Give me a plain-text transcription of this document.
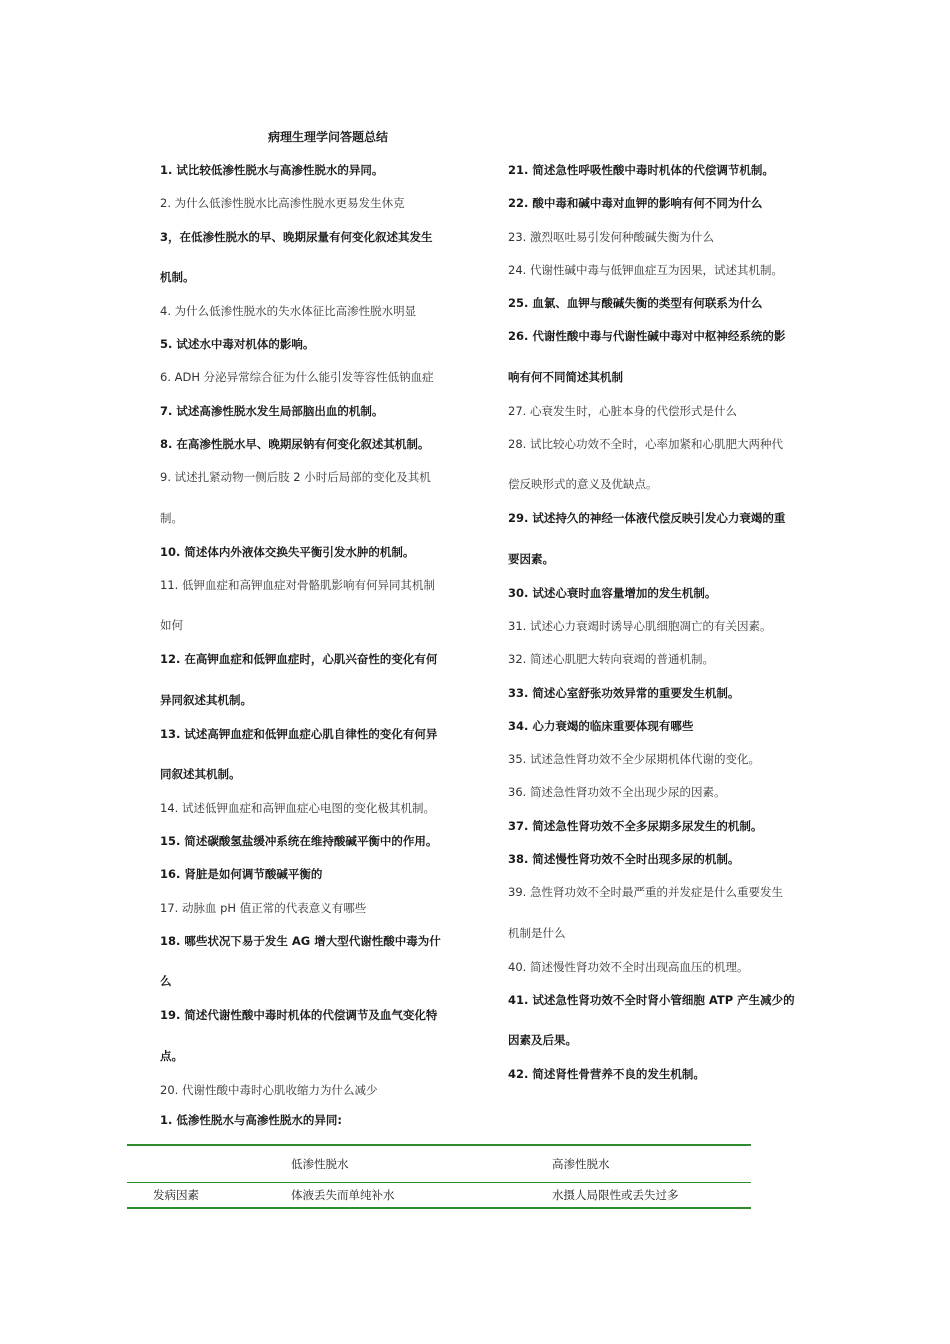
病理生理学问答题总结
1. 试比较低渗性脱水与高渗性脱水的异同。
2. 为什么低渗性脱水比高渗性脱水更易发生休克
3，在低渗性脱水的早、晚期尿量有何变化叙述其发生
机制。
4. 为什么低渗性脱水的失水体征比高渗性脱水明显
5. 试述水中毒对机体的影响。
6. ADH 分泌异常综合征为什么能引发等容性低钠血症
7. 试述高渗性脱水发生局部脑出血的机制。
8. 在高渗性脱水早、晚期尿钠有何变化叙述其机制。
9. 试述扎紧动物一侧后肢 2 小时后局部的变化及其机
制。
10. 简述体内外液体交换失平衡引发水肿的机制。
11. 低钾血症和高钾血症对骨骼肌影响有何异同其机制
如何
12. 在高钾血症和低钾血症时，心肌兴奋性的变化有何
异同叙述其机制。
13. 试述高钾血症和低钾血症心肌自律性的变化有何异
同叙述其机制。
14. 试述低钾血症和高钾血症心电图的变化极其机制。
15. 简述碳酸氢盐缓冲系统在维持酸碱平衡中的作用。
16. 肾脏是如何调节酸碱平衡的
17. 动脉血 pH 值正常的代表意义有哪些
18. 哪些状况下易于发生 AG 增大型代谢性酸中毒为什
么
19. 简述代谢性酸中毒时机体的代偿调节及血气变化特
点。
20. 代谢性酸中毒时心肌收缩力为什么减少
21. 简述急性呼吸性酸中毒时机体的代偿调节机制。
22. 酸中毒和碱中毒对血钾的影响有何不同为什么
23. 激烈呕吐易引发何种酸碱失衡为什么
24. 代谢性碱中毒与低钾血症互为因果，试述其机制。
25. 血氯、血钾与酸碱失衡的类型有何联系为什么
26. 代谢性酸中毒与代谢性碱中毒对中枢神经系统的影
响有何不同简述其机制
27. 心衰发生时，心脏本身的代偿形式是什么
28. 试比较心功效不全时，心率加紧和心肌肥大两种代
偿反映形式的意义及优缺点。
29. 试述持久的神经一体液代偿反映引发心力衰竭的重
要因素。
30. 试述心衰时血容量增加的发生机制。
31. 试述心力衰竭时诱导心肌细胞凋亡的有关因素。
32. 简述心肌肥大转向衰竭的普通机制。
33. 简述心室舒张功效异常的重要发生机制。
34. 心力衰竭的临床重要体现有哪些
35. 试述急性肾功效不全少尿期机体代谢的变化。
36. 简述急性肾功效不全出现少尿的因素。
37. 简述急性肾功效不全多尿期多尿发生的机制。
38. 简述慢性肾功效不全时出现多尿的机制。
39. 急性肾功效不全时最严重的并发症是什么重要发生
机制是什么
40. 简述慢性肾功效不全时出现高血压的机理。
41. 试述急性肾功效不全时肾小管细胞 ATP 产生减少的
因素及后果。
42. 简述肾性骨营养不良的发生机制。
1. 低渗性脱水与高渗性脱水的异同:
	低渗性脱水	高渗性脱水
发病因素	体液丢失而单纯补水	水摄人局限性或丢失过多
